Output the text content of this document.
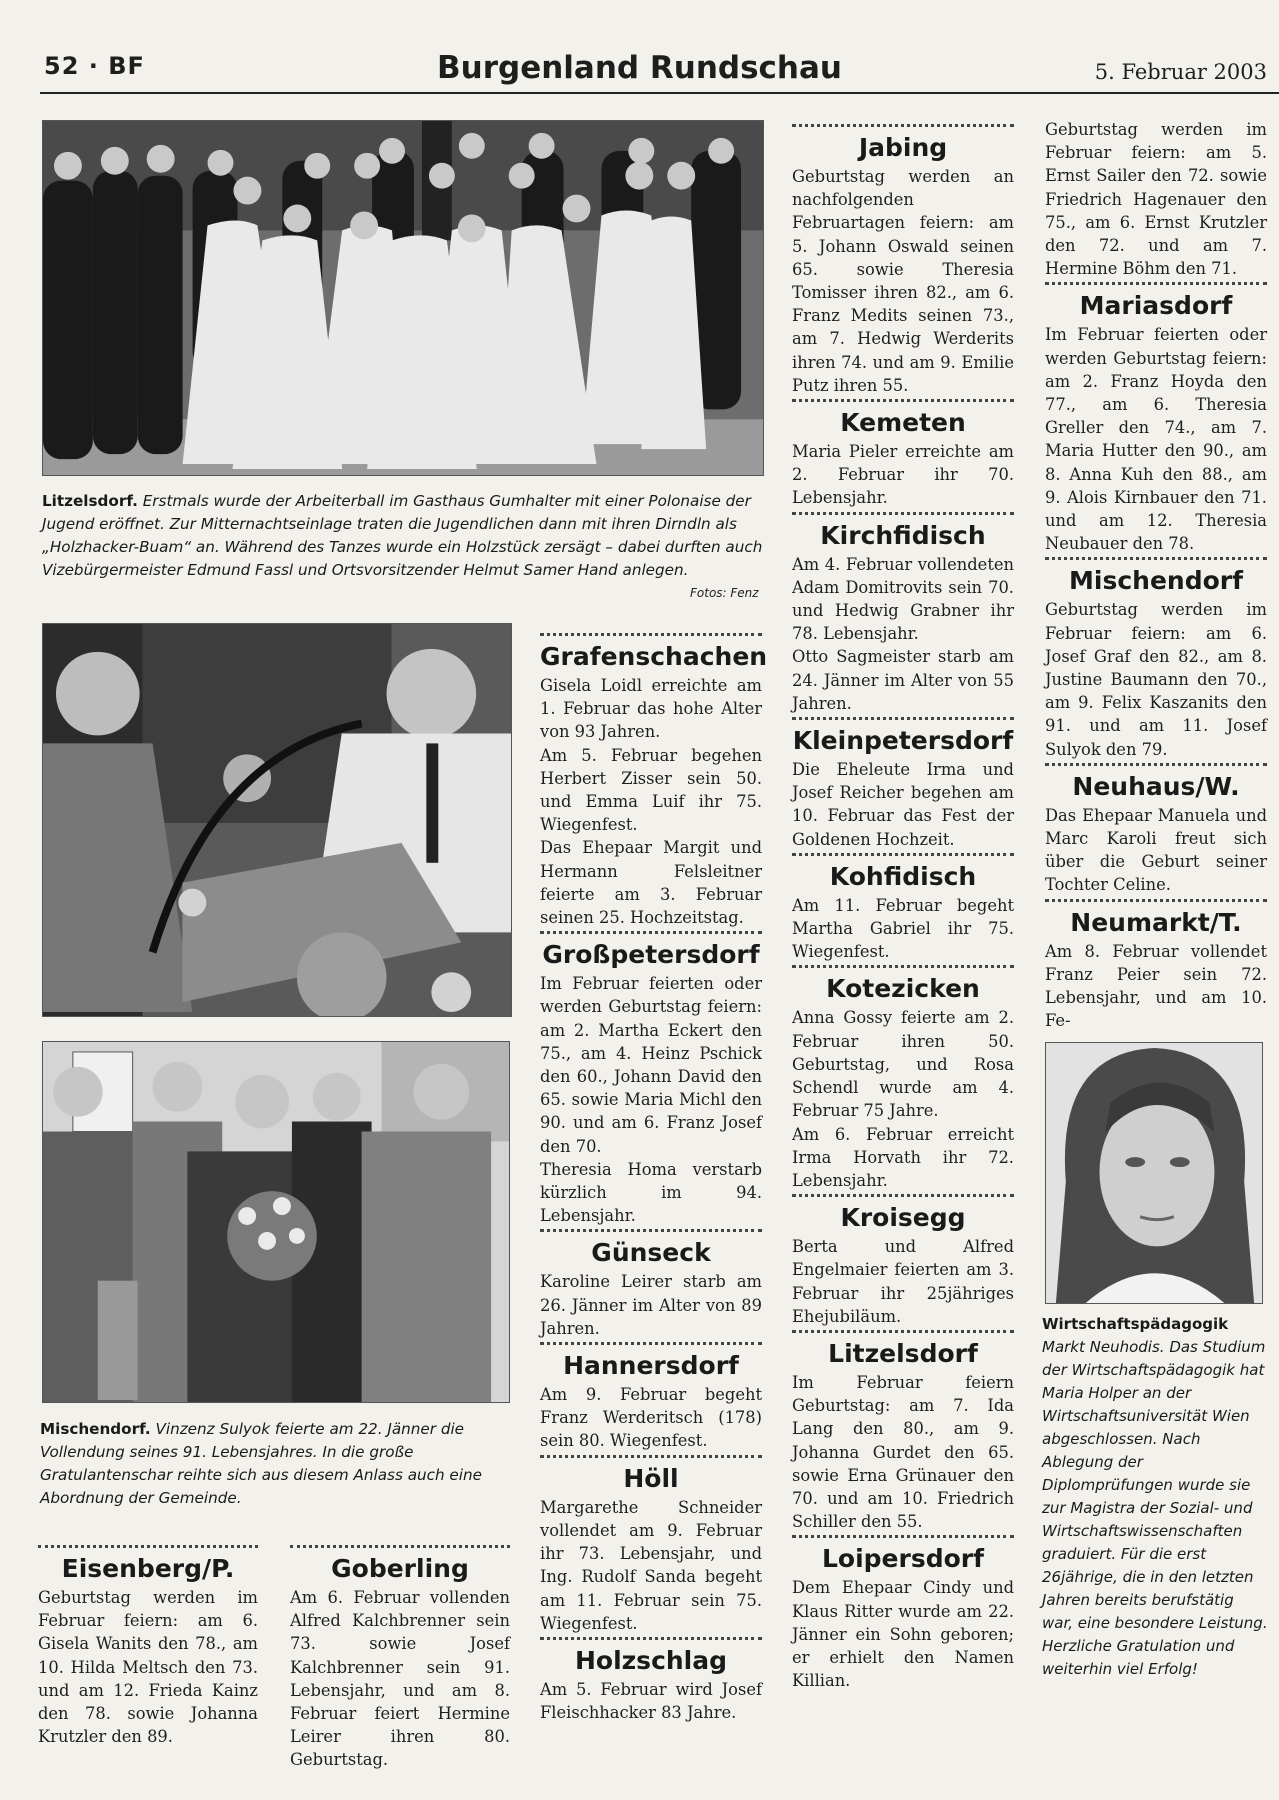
52 · BF	Burgenland Rundschau	5. Februar 2003
Litzelsdorf. Erstmals wurde der Arbeiterball im Gasthaus Gumhalter mit einer Polonaise der Jugend eröffnet. Zur Mitternachtseinlage traten die Jugendlichen dann mit ihren Dirndln als „Holzhacker-Buam“ an. Während des Tanzes wurde ein Holzstück zersägt – dabei durften auch Vizebürgermeister Edmund Fassl und Ortsvorsitzender Helmut Samer Hand anlegen.
Fotos: Fenz
Mischendorf. Vinzenz Sulyok feierte am 22. Jänner die Vollendung seines 91. Lebensjahres. In die große Gratulantenschar reihte sich aus diesem Anlass auch eine Abordnung der Gemeinde.
Eisenberg/P.

Geburtstag werden im Februar feiern: am 6. Gisela Wanits den 78., am 10. Hilda Meltsch den 73. und am 12. Frieda Kainz den 78. sowie Johanna Krutzler den 89.

Goberling

Am 6. Februar vollenden Alfred Kalchbrenner sein 73. sowie Josef Kalchbrenner sein 91. Lebensjahr, und am 8. Februar feiert Hermine Leirer ihren 80. Geburtstag.

Grafenschachen

Gisela Loidl erreichte am 1. Februar das hohe Alter von 93 Jahren.

Am 5. Februar begehen Herbert Zisser sein 50. und Emma Luif ihr 75. Wiegenfest.

Das Ehepaar Margit und Hermann Felsleitner feierte am 3. Februar seinen 25. Hochzeitstag.

Großpetersdorf

Im Februar feierten oder werden Geburtstag feiern: am 2. Martha Eckert den 75., am 4. Heinz Pschick den 60., Johann David den 65. sowie Maria Michl den 90. und am 6. Franz Josef den 70.

Theresia Homa verstarb kürzlich im 94. Lebensjahr.

Günseck

Karoline Leirer starb am 26. Jänner im Alter von 89 Jahren.

Hannersdorf

Am 9. Februar begeht Franz Werderitsch (178) sein 80. Wiegenfest.

Höll

Margarethe Schneider vollendet am 9. Februar ihr 73. Lebensjahr, und Ing. Rudolf Sanda begeht am 11. Februar sein 75. Wiegenfest.

Holzschlag

Am 5. Februar wird Josef Fleischhacker 83 Jahre.

Jabing

Geburtstag werden an nachfolgenden Februartagen feiern: am 5. Johann Oswald seinen 65. sowie Theresia Tomisser ihren 82., am 6. Franz Medits seinen 73., am 7. Hedwig Werderits ihren 74. und am 9. Emilie Putz ihren 55.

Kemeten

Maria Pieler erreichte am 2. Februar ihr 70. Lebensjahr.

Kirchfidisch

Am 4. Februar vollendeten Adam Domitrovits sein 70. und Hedwig Grabner ihr 78. Lebensjahr.

Otto Sagmeister starb am 24. Jänner im Alter von 55 Jahren.

Kleinpetersdorf

Die Eheleute Irma und Josef Reicher begehen am 10. Februar das Fest der Goldenen Hochzeit.

Kohfidisch

Am 11. Februar begeht Martha Gabriel ihr 75. Wiegenfest.

Kotezicken

Anna Gossy feierte am 2. Februar ihren 50. Geburtstag, und Rosa Schendl wurde am 4. Februar 75 Jahre.

Am 6. Februar erreicht Irma Horvath ihr 72. Lebensjahr.

Kroisegg

Berta und Alfred Engelmaier feierten am 3. Februar ihr 25jähriges Ehejubiläum.

Litzelsdorf

Im Februar feiern Geburtstag: am 7. Ida Lang den 80., am 9. Johanna Gurdet den 65. sowie Erna Grünauer den 70. und am 10. Friedrich Schiller den 55.

Loipersdorf

Dem Ehepaar Cindy und Klaus Ritter wurde am 22. Jänner ein Sohn geboren; er erhielt den Namen Killian.

Geburtstag werden im Februar feiern: am 5. Ernst Sailer den 72. sowie Friedrich Hagenauer den 75., am 6. Ernst Krutzler den 72. und am 7. Hermine Böhm den 71.

Mariasdorf

Im Februar feierten oder werden Geburtstag feiern: am 2. Franz Hoyda den 77., am 6. Theresia Greller den 74., am 7. Maria Hutter den 90., am 8. Anna Kuh den 88., am 9. Alois Kirnbauer den 71. und am 12. Theresia Neubauer den 78.

Mischendorf

Geburtstag werden im Februar feiern: am 6. Josef Graf den 82., am 8. Justine Baumann den 70., am 9. Felix Kaszanits den 91. und am 11. Josef Sulyok den 79.

Neuhaus/W.

Das Ehepaar Manuela und Marc Karoli freut sich über die Geburt seiner Tochter Celine.

Neumarkt/T.

Am 8. Februar vollendet Franz Peier sein 72. Lebensjahr, und am 10. Fe-

Wirtschaftspädagogik
Markt Neuhodis. Das Studium der Wirtschaftspädagogik hat Maria Holper an der Wirtschaftsuniversität Wien abgeschlossen. Nach Ablegung der Diplomprüfungen wurde sie zur Magistra der Sozial- und Wirtschaftswissenschaften graduiert. Für die erst 26jährige, die in den letzten Jahren bereits berufstätig war, eine besondere Leistung. Herzliche Gratulation und weiterhin viel Erfolg!
